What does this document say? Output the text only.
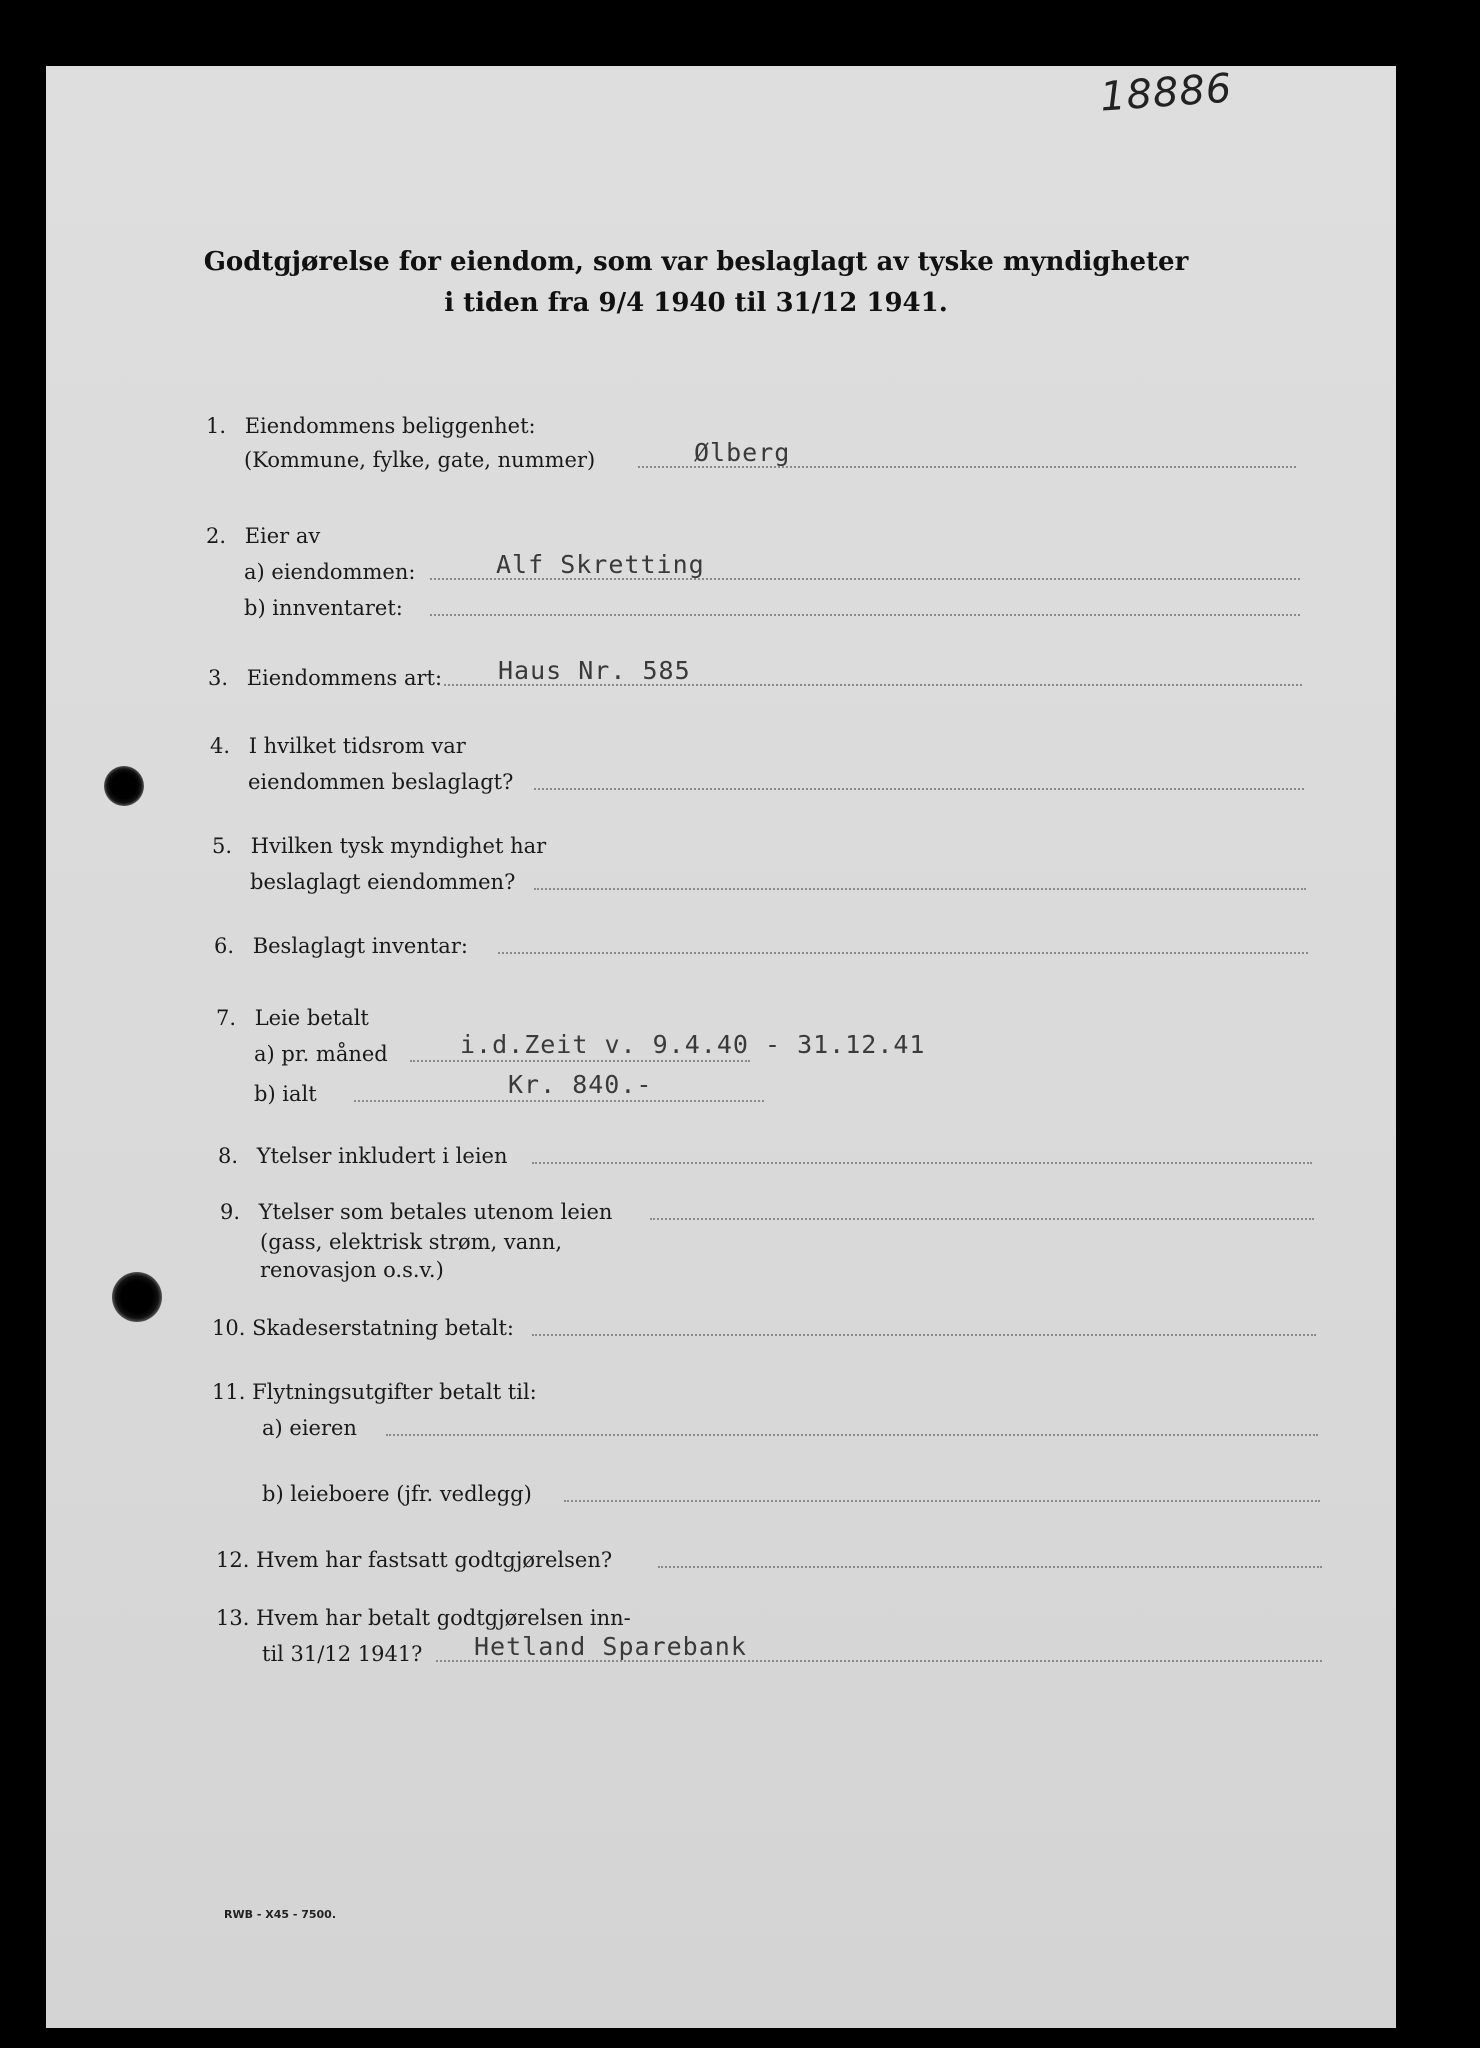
18886
Godtgjørelse for eiendom, som var beslaglagt av tyske myndigheter
i tiden fra 9/4 1940 til 31/12 1941.
1. Eiendommens beliggenhet:
(Kommune, fylke, gate, nummer)	Ølberg
2. Eier av
a) eiendommen:	Alf Skretting
b) innventaret:
3. Eiendommens art: Haus Nr. 585
4. I hvilket tidsrom var
eiendommen beslaglagt?
5. Hvilken tysk myndighet har
beslaglagt eiendommen?
6. Beslaglagt inventar:
7. Leie betalt
a) pr. måned	i.d.Zeit v. 9.4.40 - 31.12.41
b) ialt	Kr. 840.-
8. Ytelser inkludert i leien
9. Ytelser som betales utenom leien
(gass, elektrisk strøm, vann,
renovasjon o.s.v.)
10. Skadeserstatning betalt:
11. Flytningsutgifter betalt til:
a) eieren
b) leieboere (jfr. vedlegg)
12. Hvem har fastsatt godtgjørelsen?
13. Hvem har betalt godtgjørelsen inn-
til 31/12 1941? Hetland Sparebank
RWB - X45 - 7500.
